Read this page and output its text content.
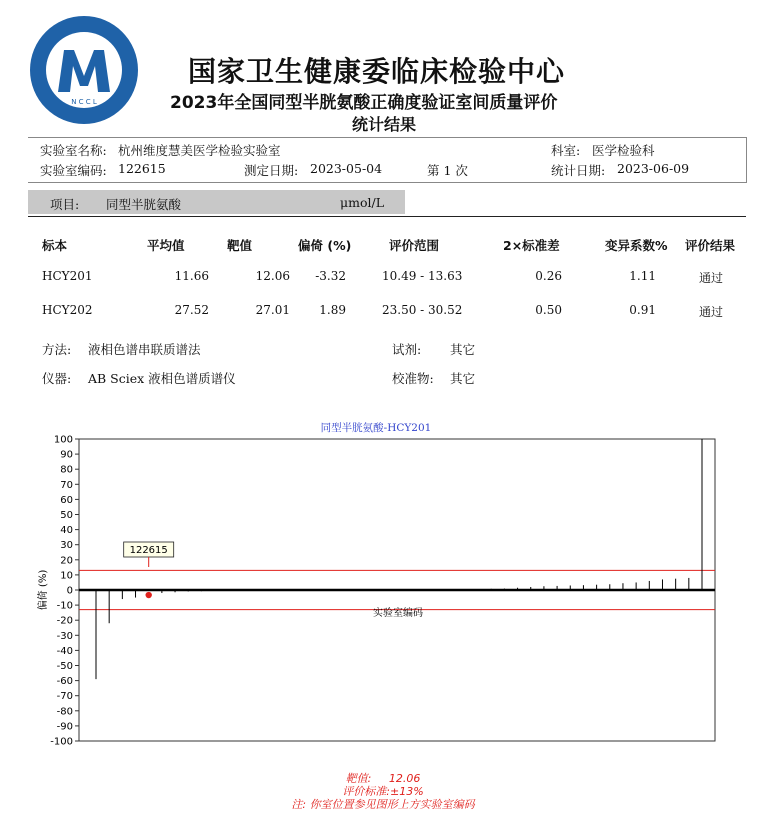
N C C L
国家卫生健康委临床检验中心
2023年全国同型半胱氨酸正确度验证室间质量评价
统计结果
实验室名称: 杭州维度慧美医学检验实验室	科室: 医学检验科
实验室编码: 122615	测定日期: 2023-05-04	第 1 次	统计日期: 2023-06-09
项目: 同型半胱氨酸	μmol/L
标本	平均值	靶值	偏倚 (%)	评价范围	2×标准差	变异系数% 评价结果
HCY201	11.66	12.06	-3.32	10.49 - 13.63	0.26	1.11	通过
HCY202	27.52	27.01	1.89	23.50 - 30.52	0.50	0.91	通过
方法: 液相色谱串联质谱法	试剂: 其它
仪器: AB Sciex 液相色谱质谱仪	校准物: 其它
同型半胱氨酸-HCY201
100
90
80
70
60
50
40
30
20
10
0
-10
-20
-30
-40
-50
-60
-70
-80
-90
-100
偏倚 (%)
实验室编码
122615
靶值: 12.06
评价标准:±13%
注: 你室位置参见图形上方实验室编码
